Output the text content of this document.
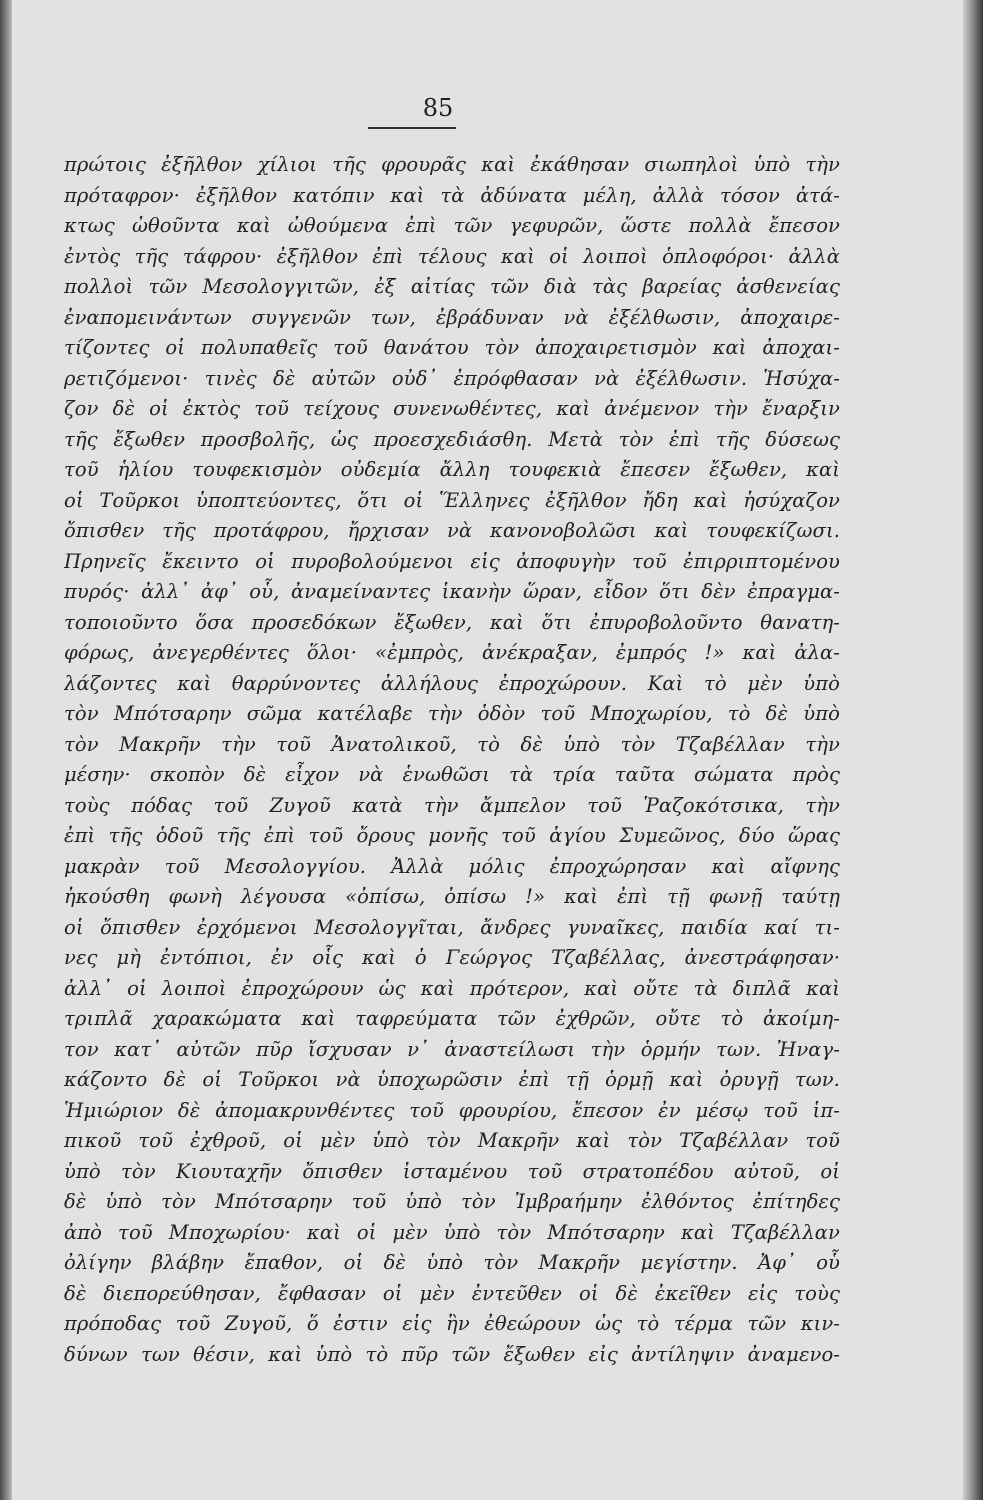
85
πρώτοις ἐξῆλθον χίλιοι τῆς φρουρᾶς καὶ ἐκάθησαν σιωπηλοὶ ὑπὸ τὴν
πρόταφρον· ἐξῆλθον κατόπιν καὶ τὰ ἀδύνατα μέλη, ἀλλὰ τόσον ἀτά-
κτως ὠθοῦντα καὶ ὠθούμενα ἐπὶ τῶν γεφυρῶν, ὥστε πολλὰ ἔπεσον
ἐντὸς τῆς τάφρου· ἐξῆλθον ἐπὶ τέλους καὶ οἱ λοιποὶ ὁπλοφόροι· ἀλλὰ
πολλοὶ τῶν Μεσολογγιτῶν, ἐξ αἰτίας τῶν διὰ τὰς βαρείας ἀσθενείας
ἐναπομεινάντων συγγενῶν των, ἐβράδυναν νὰ ἐξέλθωσιν, ἀποχαιρε-
τίζοντες οἱ πολυπαθεῖς τοῦ θανάτου τὸν ἀποχαιρετισμὸν καὶ ἀποχαι-
ρετιζόμενοι· τινὲς δὲ αὐτῶν οὐδ᾽ ἐπρόφθασαν νὰ ἐξέλθωσιν. Ἡσύχα-
ζον δὲ οἱ ἐκτὸς τοῦ τείχους συνενωθέντες, καὶ ἀνέμενον τὴν ἔναρξιν
τῆς ἔξωθεν προσβολῆς, ὡς προεσχεδιάσθη. Μετὰ τὸν ἐπὶ τῆς δύσεως
τοῦ ἡλίου τουφεκισμὸν οὐδεμία ἄλλη τουφεκιὰ ἔπεσεν ἔξωθεν, καὶ
οἱ Τοῦρκοι ὑποπτεύοντες, ὅτι οἱ Ἕλληνες ἐξῆλθον ἤδη καὶ ἡσύχαζον
ὄπισθεν τῆς προτάφρου, ἤρχισαν νὰ κανονοβολῶσι καὶ τουφεκίζωσι.
Πρηνεῖς ἔκειντο οἱ πυροβολούμενοι εἰς ἀποφυγὴν τοῦ ἐπιρριπτομένου
πυρός· ἀλλ᾽ ἀφ᾽ οὗ, ἀναμείναντες ἱκανὴν ὥραν, εἶδον ὅτι δὲν ἐπραγμα-
τοποιοῦντο ὅσα προσεδόκων ἔξωθεν, καὶ ὅτι ἐπυροβολοῦντο θανατη-
φόρως, ἀνεγερθέντες ὅλοι· «ἐμπρὸς, ἀνέκραξαν, ἐμπρός !» καὶ ἀλα-
λάζοντες καὶ θαρρύνοντες ἀλλήλους ἐπροχώρουν. Καὶ τὸ μὲν ὑπὸ
τὸν Μπότσαρην σῶμα κατέλαβε τὴν ὁδὸν τοῦ Μποχωρίου, τὸ δὲ ὑπὸ
τὸν Μακρῆν τὴν τοῦ Ἀνατολικοῦ, τὸ δὲ ὑπὸ τὸν Τζαβέλλαν τὴν
μέσην· σκοπὸν δὲ εἶχον νὰ ἑνωθῶσι τὰ τρία ταῦτα σώματα πρὸς
τοὺς πόδας τοῦ Ζυγοῦ κατὰ τὴν ἄμπελον τοῦ Ῥαζοκότσικα, τὴν
ἐπὶ τῆς ὁδοῦ τῆς ἐπὶ τοῦ ὄρους μονῆς τοῦ ἁγίου Συμεῶνος, δύο ὥρας
μακρὰν τοῦ Μεσολογγίου. Ἀλλὰ μόλις ἐπροχώρησαν καὶ αἴφνης
ἠκούσθη φωνὴ λέγουσα «ὀπίσω, ὀπίσω !» καὶ ἐπὶ τῇ φωνῇ ταύτῃ
οἱ ὄπισθεν ἐρχόμενοι Μεσολογγῖται, ἄνδρες γυναῖκες, παιδία καί τι-
νες μὴ ἐντόπιοι, ἐν οἷς καὶ ὁ Γεώργος Τζαβέλλας, ἀνεστράφησαν·
ἀλλ᾽ οἱ λοιποὶ ἐπροχώρουν ὡς καὶ πρότερον, καὶ οὔτε τὰ διπλᾶ καὶ
τριπλᾶ χαρακώματα καὶ ταφρεύματα τῶν ἐχθρῶν, οὔτε τὸ ἀκοίμη-
τον κατ᾽ αὐτῶν πῦρ ἴσχυσαν ν᾽ ἀναστείλωσι τὴν ὁρμήν των. Ἠναγ-
κάζοντο δὲ οἱ Τοῦρκοι νὰ ὑποχωρῶσιν ἐπὶ τῇ ὁρμῇ καὶ ὀρυγῇ των.
Ἡμιώριον δὲ ἀπομακρυνθέντες τοῦ φρουρίου, ἔπεσον ἐν μέσῳ τοῦ ἱπ-
πικοῦ τοῦ ἐχθροῦ, οἱ μὲν ὑπὸ τὸν Μακρῆν καὶ τὸν Τζαβέλλαν τοῦ
ὑπὸ τὸν Κιουταχῆν ὄπισθεν ἱσταμένου τοῦ στρατοπέδου αὐτοῦ, οἱ
δὲ ὑπὸ τὸν Μπότσαρην τοῦ ὑπὸ τὸν Ἰμβραήμην ἐλθόντος ἐπίτηδες
ἀπὸ τοῦ Μποχωρίου· καὶ οἱ μὲν ὑπὸ τὸν Μπότσαρην καὶ Τζαβέλλαν
ὀλίγην βλάβην ἔπαθον, οἱ δὲ ὑπὸ τὸν Μακρῆν μεγίστην. Ἀφ᾽ οὗ
δὲ διεπορεύθησαν, ἔφθασαν οἱ μὲν ἐντεῦθεν οἱ δὲ ἐκεῖθεν εἰς τοὺς
πρόποδας τοῦ Ζυγοῦ, ὅ ἐστιν εἰς ἣν ἐθεώρουν ὡς τὸ τέρμα τῶν κιν-
δύνων των θέσιν, καὶ ὑπὸ τὸ πῦρ τῶν ἔξωθεν εἰς ἀντίληψιν ἀναμενο-
